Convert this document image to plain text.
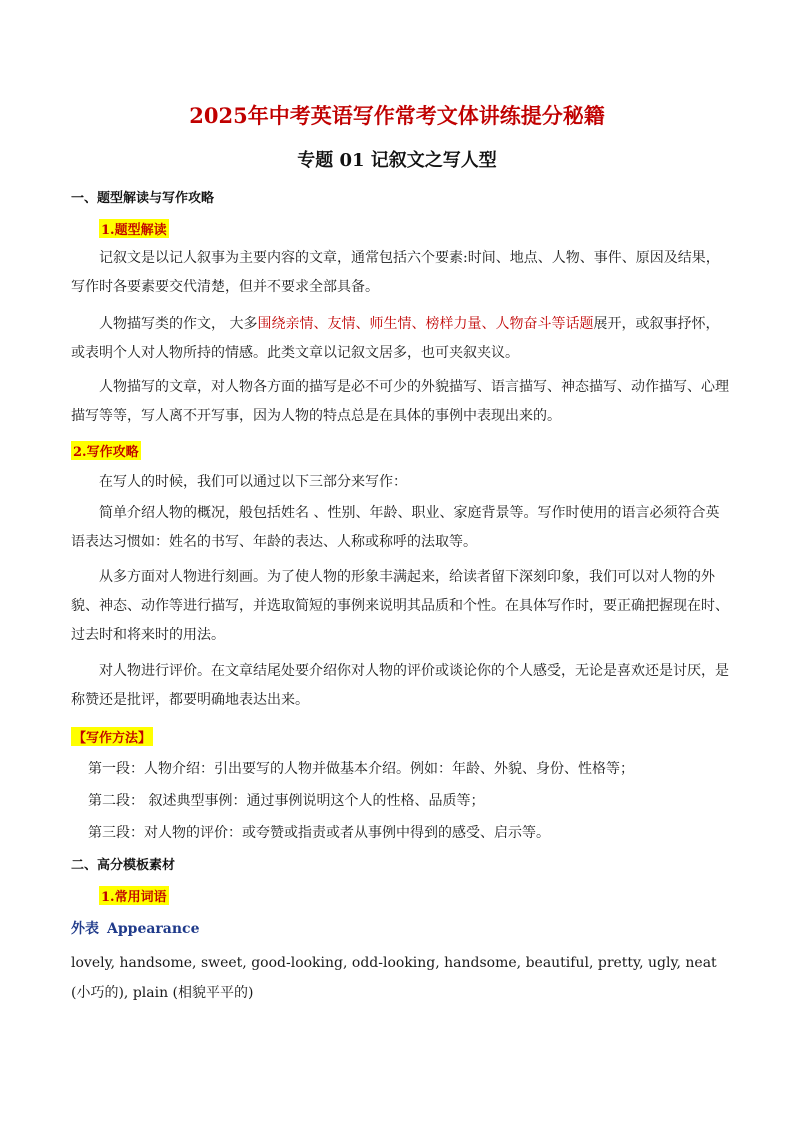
2025年中考英语写作常考文体讲练提分秘籍
专题 01 记叙文之写人型
一、题型解读与写作攻略
1.题型解读
记叙文是以记人叙事为主要内容的文章，通常包括六个要素:时间、地点、人物、事件、原因及结果，写作时各要素要交代清楚，但并不要求全部具备。
人物描写类的作文， 大多围绕亲情、友情、师生情、榜样力量、人物奋斗等话题展开，或叙事抒怀，或表明个人对人物所持的情感。此类文章以记叙文居多，也可夹叙夹议。
人物描写的文章，对人物各方面的描写是必不可少的外貌描写、语言描写、神态描写、动作描写、心理描写等等，写人离不开写事，因为人物的特点总是在具体的事例中表现出来的。
2.写作攻略
在写人的时候，我们可以通过以下三部分来写作：
简单介绍人物的概况，般包括姓名 、性别、年龄、职业、家庭背景等。写作时使用的语言必须符合英语表达习惯如：姓名的书写、年龄的表达、人称或称呼的法取等。
从多方面对人物进行刻画。为了使人物的形象丰满起来，给读者留下深刻印象，我们可以对人物的外貌、神态、动作等进行描写，并选取简短的事例来说明其品质和个性。在具体写作时，要正确把握现在时、过去时和将来时的用法。
对人物进行评价。在文章结尾处要介绍你对人物的评价或谈论你的个人感受，无论是喜欢还是讨厌，是称赞还是批评，都要明确地表达出来。
【写作方法】
第一段：人物介绍：引出要写的人物并做基本介绍。例如：年龄、外貌、身份、性格等；
第二段： 叙述典型事例：通过事例说明这个人的性格、品质等；
第三段：对人物的评价：或夸赞或指责或者从事例中得到的感受、启示等。
二、高分模板素材
1.常用词语
外表 Appearance
lovely, handsome, sweet, good-looking, odd-looking, handsome, beautiful, pretty, ugly, neat (小巧的), plain (相貌平平的)
